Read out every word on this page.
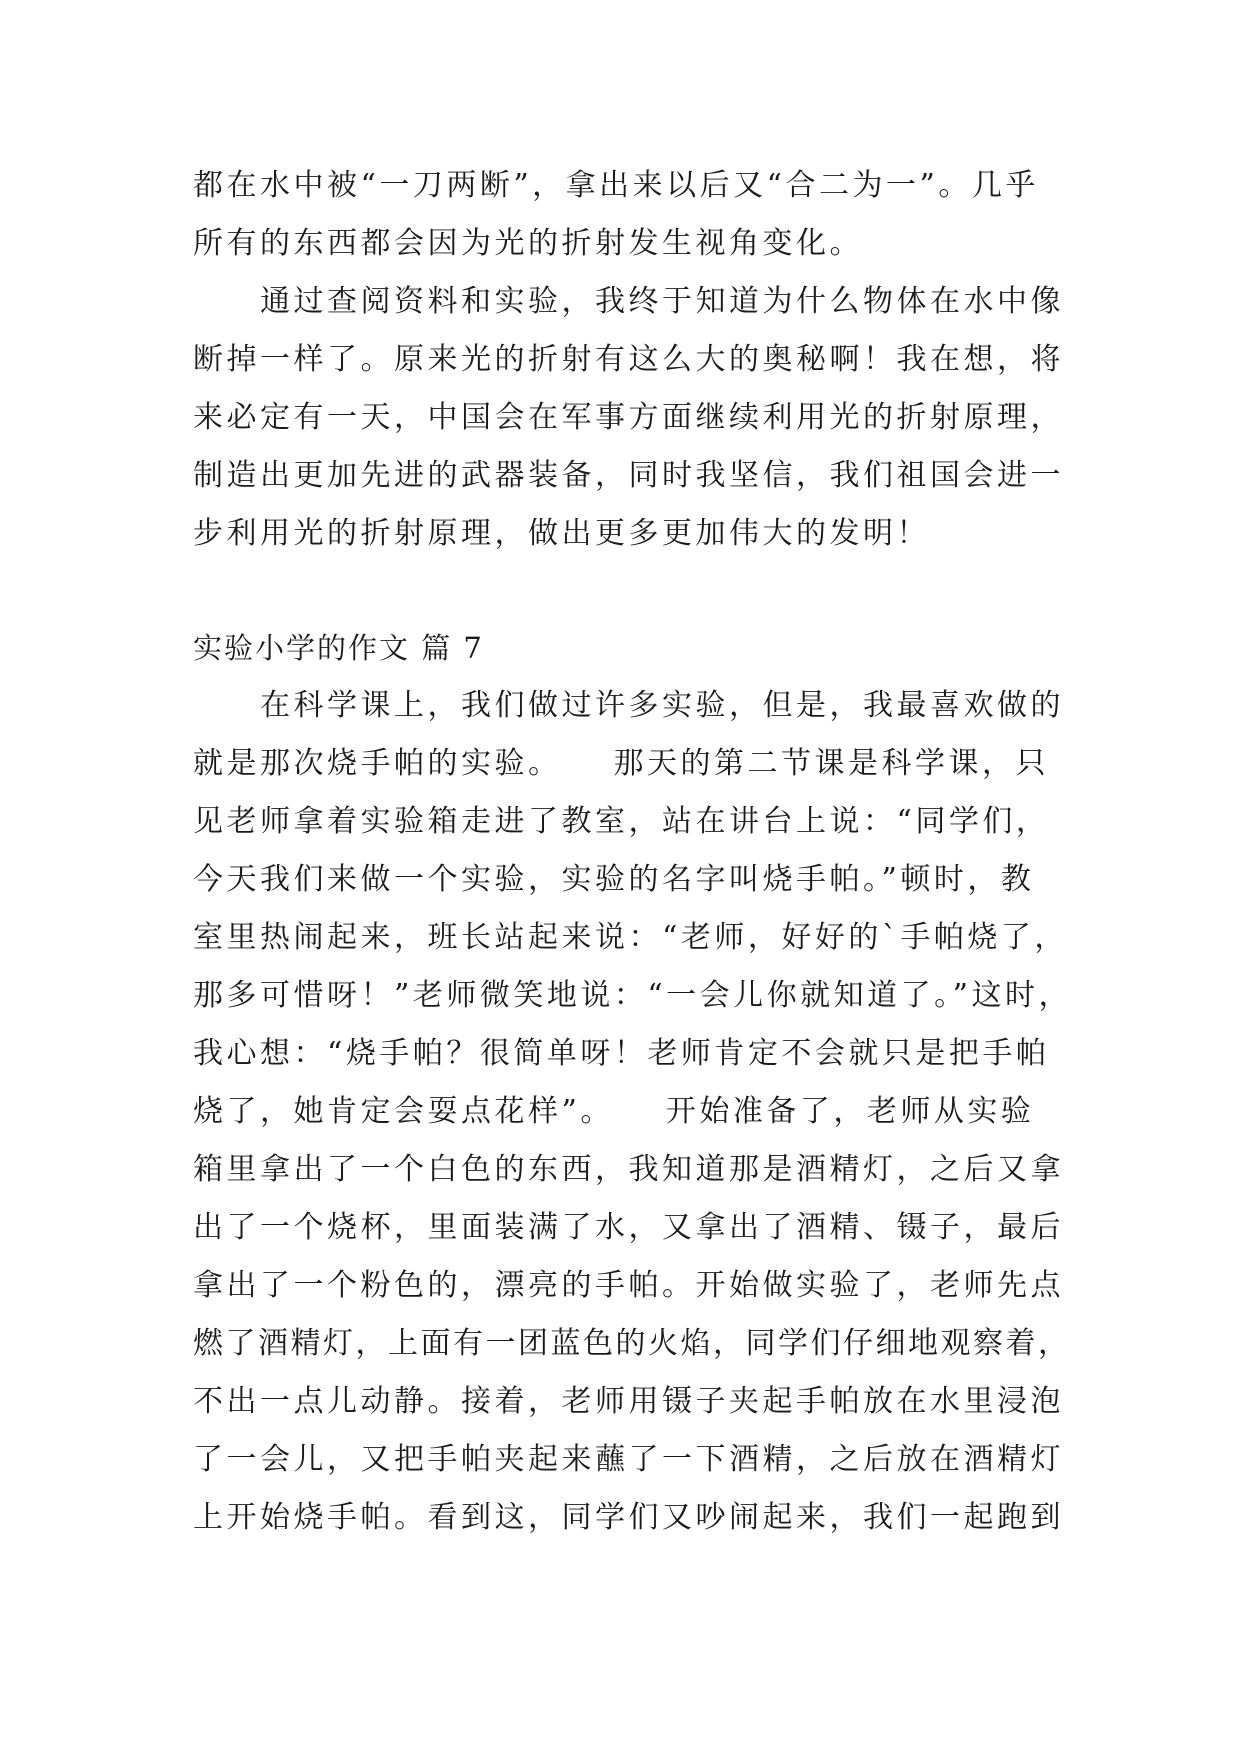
都在水中被“一刀两断”，拿出来以后又“合二为一”。几乎
所有的东西都会因为光的折射发生视角变化。
　　通过查阅资料和实验，我终于知道为什么物体在水中像
断掉一样了。原来光的折射有这么大的奥秘啊！我在想，将
来必定有一天，中国会在军事方面继续利用光的折射原理，
制造出更加先进的武器装备，同时我坚信，我们祖国会进一
步利用光的折射原理，做出更多更加伟大的发明！
实验小学的作文 篇 7
　　在科学课上，我们做过许多实验，但是，我最喜欢做的
就是那次烧手帕的实验。　　那天的第二节课是科学课，只
见老师拿着实验箱走进了教室，站在讲台上说：“同学们，
今天我们来做一个实验，实验的名字叫烧手帕。”顿时，教
室里热闹起来，班长站起来说：“老师，好好的`手帕烧了，
那多可惜呀！”老师微笑地说：“一会儿你就知道了。”这时，
我心想：“烧手帕？很简单呀！老师肯定不会就只是把手帕
烧了，她肯定会耍点花样”。　　开始准备了，老师从实验
箱里拿出了一个白色的东西，我知道那是酒精灯，之后又拿
出了一个烧杯，里面装满了水，又拿出了酒精、镊子，最后
拿出了一个粉色的，漂亮的手帕。开始做实验了，老师先点
燃了酒精灯，上面有一团蓝色的火焰，同学们仔细地观察着，
不出一点儿动静。接着，老师用镊子夹起手帕放在水里浸泡
了一会儿，又把手帕夹起来蘸了一下酒精，之后放在酒精灯
上开始烧手帕。看到这，同学们又吵闹起来，我们一起跑到
